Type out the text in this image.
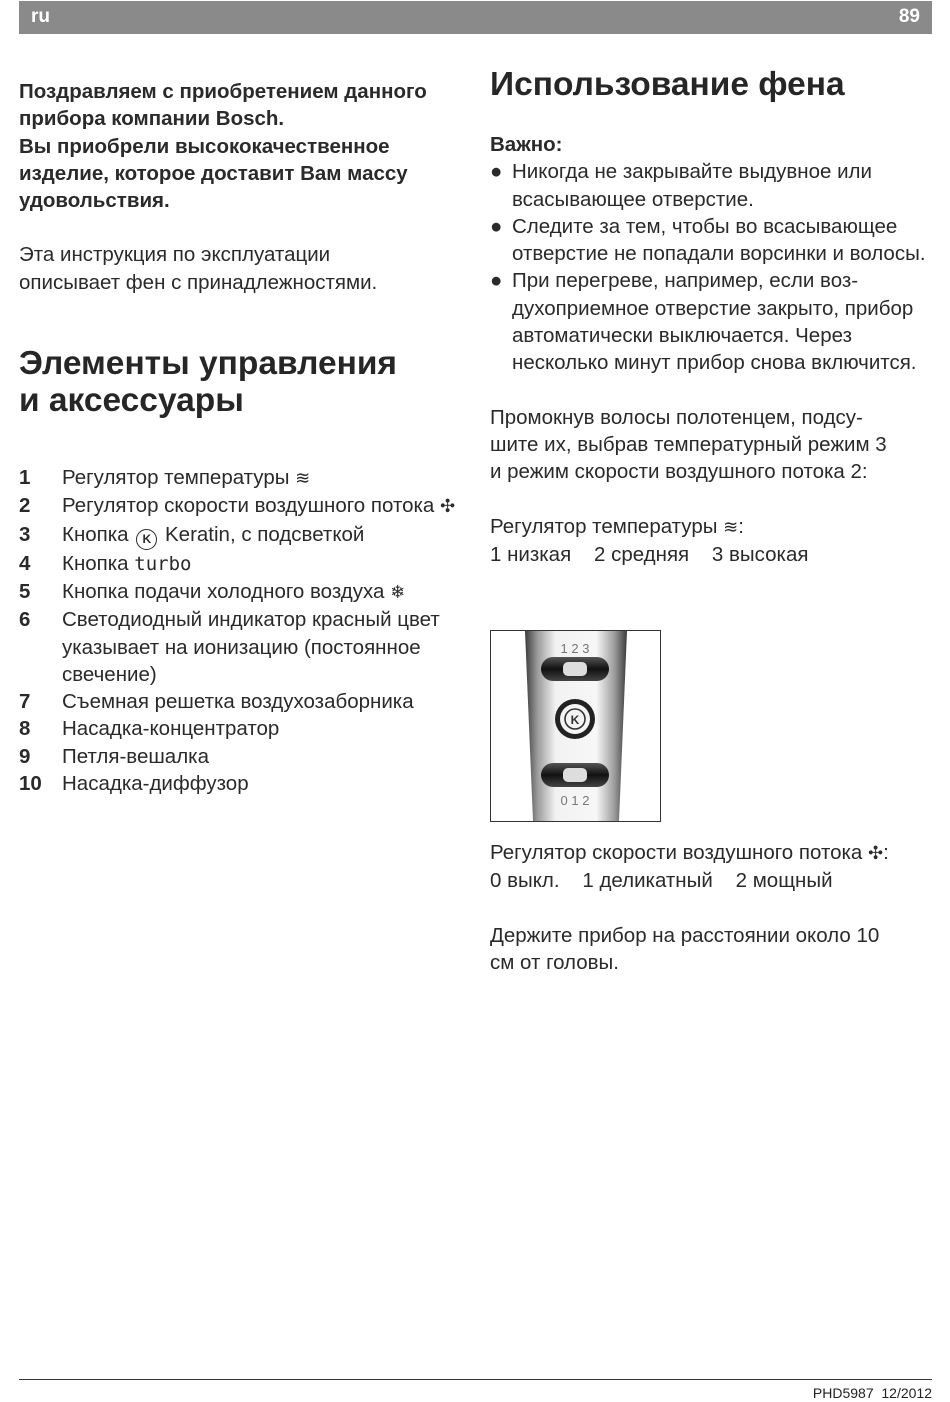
ru	89

Поздравляем с приобретением данного
прибора компании Bosch.
Вы приобрели высококачественное
изделие, которое доставит Вам массу
удовольствия.

Эта инструкция по эксплуатации
описывает фен с принадлежностями.

Элементы управления
и аксессуары
1 Регулятор температуры ≋
2 Регулятор скорости воздушного потока ✣
3 Кнопка K Keratin, с подсветкой
4 Кнопка turbo
5 Кнопка подачи холодного воздуха ❄
6 Светодиодный индикатор красный цвет указывает на ионизацию (постоянное свечение)
7 Съемная решетка воздухозаборника
8 Насадка-концентратор
9 Петля-вешалка
10 Насадка-диффузор
Использование фена

Важно:

● Никогда не закрывайте выдувное или всасывающее отверстие.
● Следите за тем, чтобы во всасывающее отверстие не попадали ворсинки и волосы.
● При перегреве, например, если воздухоприемное отверстие закрыто, прибор автоматически выключается. Через несколько минут прибор снова включится.

Промокнув волосы полотенцем, подсу-
шите их, выбрав температурный режим 3
и режим скорости воздушного потока 2:

Регулятор температуры ≋:
1 низкая    2 средняя    3 высокая

1 2 3
K
0 1 2

Регулятор скорости воздушного потока ✣:
0 выкл.    1 деликатный    2 мощный

Держите прибор на расстоянии около 10
см от головы.

PHD5987 12/2012
